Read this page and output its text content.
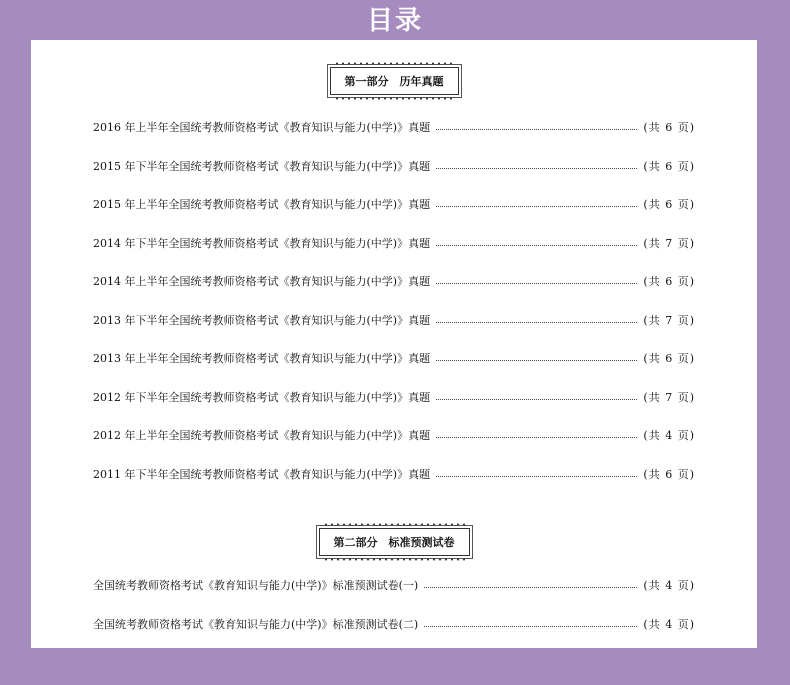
目录
第一部分　历年真题
2016 年上半年全国统考教师资格考试《教育知识与能力(中学)》真题	(共 6 页)
2015 年下半年全国统考教师资格考试《教育知识与能力(中学)》真题	(共 6 页)
2015 年上半年全国统考教师资格考试《教育知识与能力(中学)》真题	(共 6 页)
2014 年下半年全国统考教师资格考试《教育知识与能力(中学)》真题	(共 7 页)
2014 年上半年全国统考教师资格考试《教育知识与能力(中学)》真题	(共 6 页)
2013 年下半年全国统考教师资格考试《教育知识与能力(中学)》真题	(共 7 页)
2013 年上半年全国统考教师资格考试《教育知识与能力(中学)》真题	(共 6 页)
2012 年下半年全国统考教师资格考试《教育知识与能力(中学)》真题	(共 7 页)
2012 年上半年全国统考教师资格考试《教育知识与能力(中学)》真题	(共 4 页)
2011 年下半年全国统考教师资格考试《教育知识与能力(中学)》真题	(共 6 页)
第二部分　标准预测试卷
全国统考教师资格考试《教育知识与能力(中学)》标准预测试卷(一)	(共 4 页)
全国统考教师资格考试《教育知识与能力(中学)》标准预测试卷(二)	(共 4 页)
